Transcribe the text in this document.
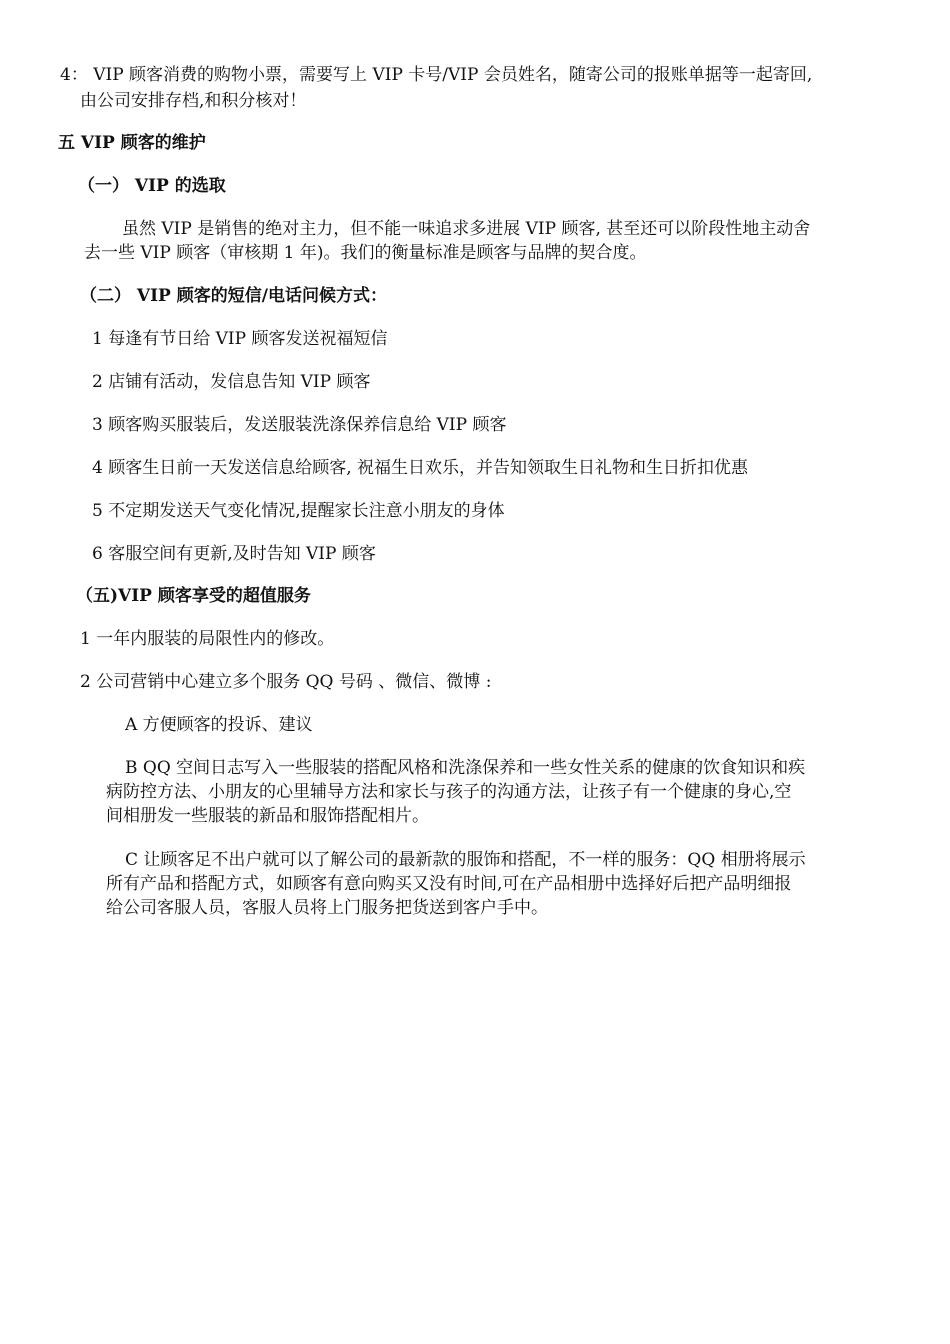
4： VIP 顾客消费的购物小票，需要写上 VIP 卡号/VIP 会员姓名，随寄公司的报账单据等一起寄回,
由公司安排存档,和积分核对！
五 VIP 顾客的维护
（一） VIP 的选取
虽然 VIP 是销售的绝对主力，但不能一味追求多进展 VIP 顾客, 甚至还可以阶段性地主动舍
去一些 VIP 顾客（审核期 1 年)。我们的衡量标准是顾客与品牌的契合度。
（二） VIP 顾客的短信/电话问候方式：
1 每逢有节日给 VIP 顾客发送祝福短信
2 店铺有活动，发信息告知 VIP 顾客
3 顾客购买服装后，发送服装洗涤保养信息给 VIP 顾客
4 顾客生日前一天发送信息给顾客, 祝福生日欢乐，并告知领取生日礼物和生日折扣优惠
5 不定期发送天气变化情况,提醒家长注意小朋友的身体
6 客服空间有更新,及时告知 VIP 顾客
（五)VIP 顾客享受的超值服务
1 一年内服装的局限性内的修改。
2 公司营销中心建立多个服务 QQ 号码 、微信、微博 :
A 方便顾客的投诉、建议
B QQ 空间日志写入一些服装的搭配风格和洗涤保养和一些女性关系的健康的饮食知识和疾
病防控方法、小朋友的心里辅导方法和家长与孩子的沟通方法，让孩子有一个健康的身心,空
间相册发一些服装的新品和服饰搭配相片。
C 让顾客足不出户就可以了解公司的最新款的服饰和搭配，不一样的服务：QQ 相册将展示
所有产品和搭配方式，如顾客有意向购买又没有时间,可在产品相册中选择好后把产品明细报
给公司客服人员，客服人员将上门服务把货送到客户手中。
